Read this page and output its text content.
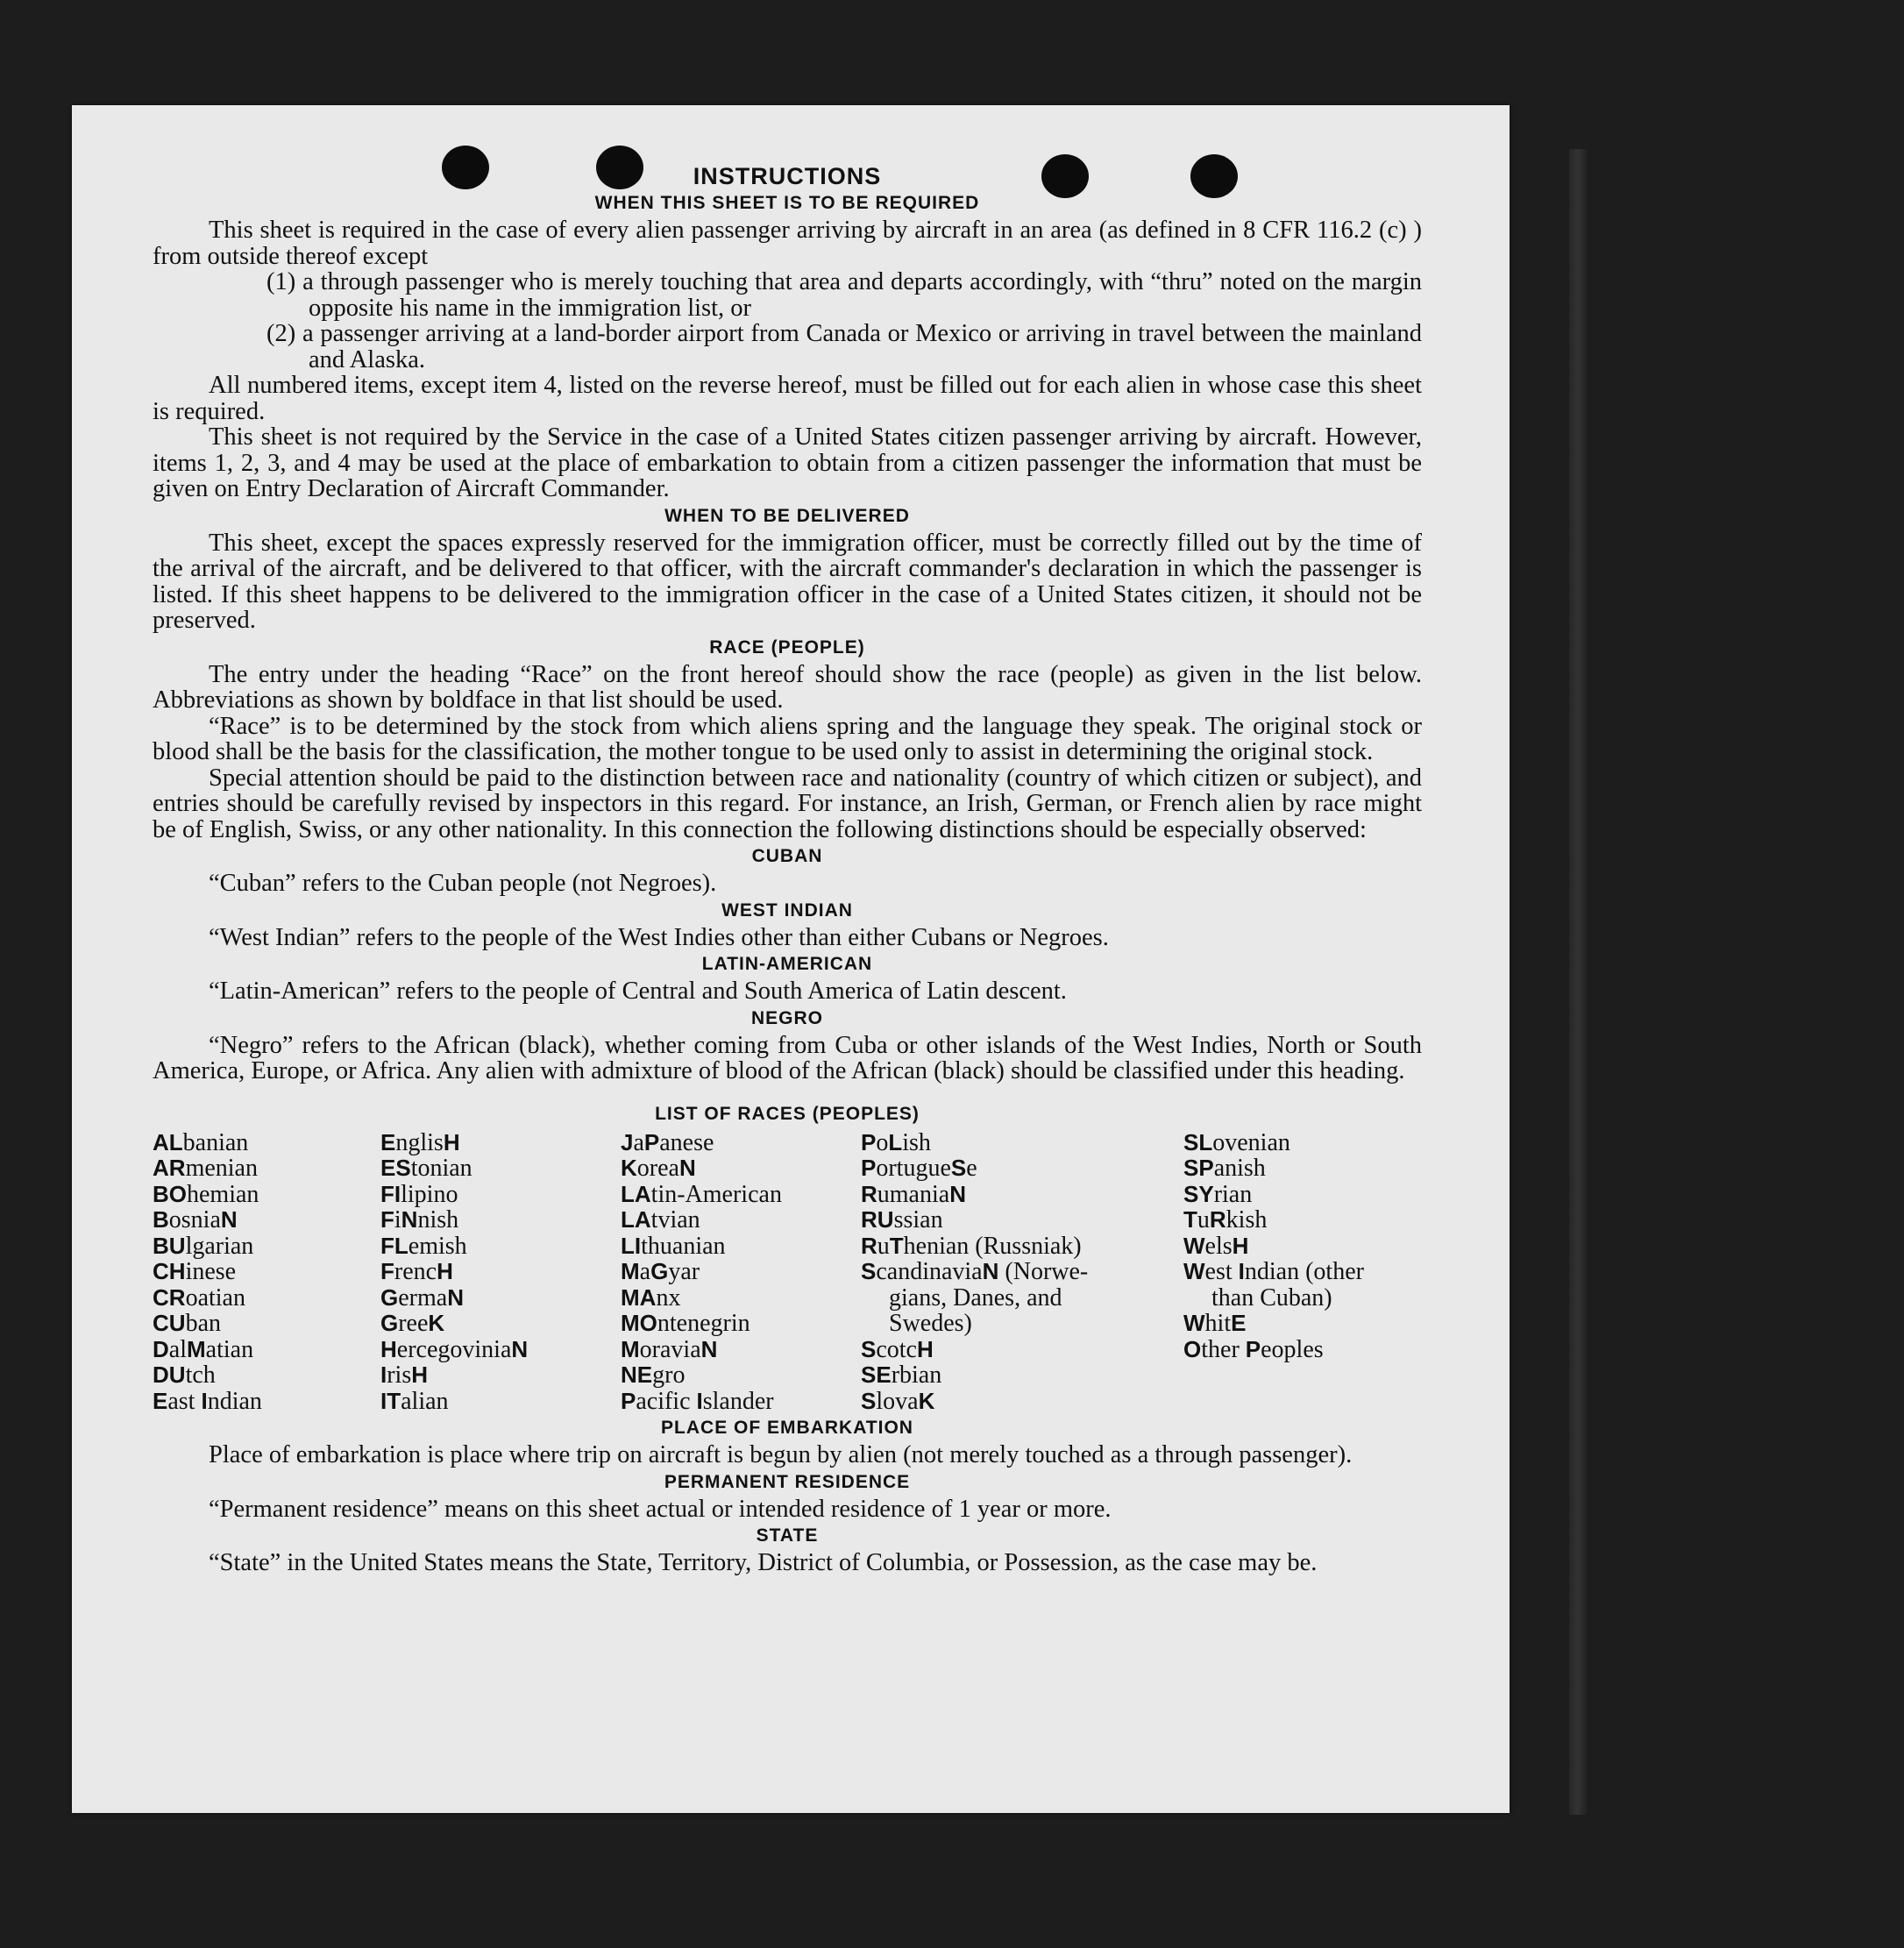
INSTRUCTIONS
WHEN THIS SHEET IS TO BE REQUIRED

This sheet is required in the case of every alien passenger arriving by aircraft in an area (as defined in 8 CFR 116.2 (c) ) from outside thereof except

(1) a through passenger who is merely touching that area and departs accordingly, with “thru” noted on the margin opposite his name in the immigration list, or
(2) a passenger arriving at a land-border airport from Canada or Mexico or arriving in travel between the mainland and Alaska.

All numbered items, except item 4, listed on the reverse hereof, must be filled out for each alien in whose case this sheet is required.

This sheet is not required by the Service in the case of a United States citizen passenger arriving by aircraft. However, items 1, 2, 3, and 4 may be used at the place of embarkation to obtain from a citizen passenger the information that must be given on Entry Declaration of Aircraft Commander.

WHEN TO BE DELIVERED

This sheet, except the spaces expressly reserved for the immigration officer, must be correctly filled out by the time of the arrival of the aircraft, and be delivered to that officer, with the aircraft commander's declaration in which the passenger is listed. If this sheet happens to be delivered to the immigration officer in the case of a United States citizen, it should not be preserved.

RACE (PEOPLE)

The entry under the heading “Race” on the front hereof should show the race (people) as given in the list below. Abbreviations as shown by boldface in that list should be used.

“Race” is to be determined by the stock from which aliens spring and the language they speak. The original stock or blood shall be the basis for the classification, the mother tongue to be used only to assist in determining the original stock.

Special attention should be paid to the distinction between race and nationality (country of which citizen or subject), and entries should be carefully revised by inspectors in this regard. For instance, an Irish, German, or French alien by race might be of English, Swiss, or any other nationality. In this connection the following distinctions should be especially observed:

CUBAN

“Cuban” refers to the Cuban people (not Negroes).

WEST INDIAN

“West Indian” refers to the people of the West Indies other than either Cubans or Negroes.

LATIN-AMERICAN

“Latin-American” refers to the people of Central and South America of Latin descent.

NEGRO

“Negro” refers to the African (black), whether coming from Cuba or other islands of the West Indies, North or South America, Europe, or Africa. Any alien with admixture of blood of the African (black) should be classified under this heading.

LIST OF RACES (PEOPLES)
ALbanian
ARmenian
BOhemian
BosniaN
BUlgarian
CHinese
CRoatian
CUban
DalMatian
DUtch
East Indian
EnglisH
EStonian
FIlipino
FiNnish
FLemish
FrencH
GermaN
GreeK
HercegoviniaN
IrisH
ITalian
JaPanese
KoreaN
LAtin-American
LAtvian
LIthuanian
MaGyar
MAnx
MOntenegrin
MoraviaN
NEgro
Pacific Islander
PoLish
PortugueSe
RumaniaN
RUssian
RuThenian (Russniak)
ScandinaviaN (Norwe-
gians, Danes, and
Swedes)
ScotcH
SErbian
SlovaK
SLovenian
SPanish
SYrian
TuRkish
WelsH
West Indian (other
than Cuban)
WhitE
Other Peoples
PLACE OF EMBARKATION

Place of embarkation is place where trip on aircraft is begun by alien (not merely touched as a through passenger).

PERMANENT RESIDENCE

“Permanent residence” means on this sheet actual or intended residence of 1 year or more.

STATE

“State” in the United States means the State, Territory, District of Columbia, or Possession, as the case may be.
